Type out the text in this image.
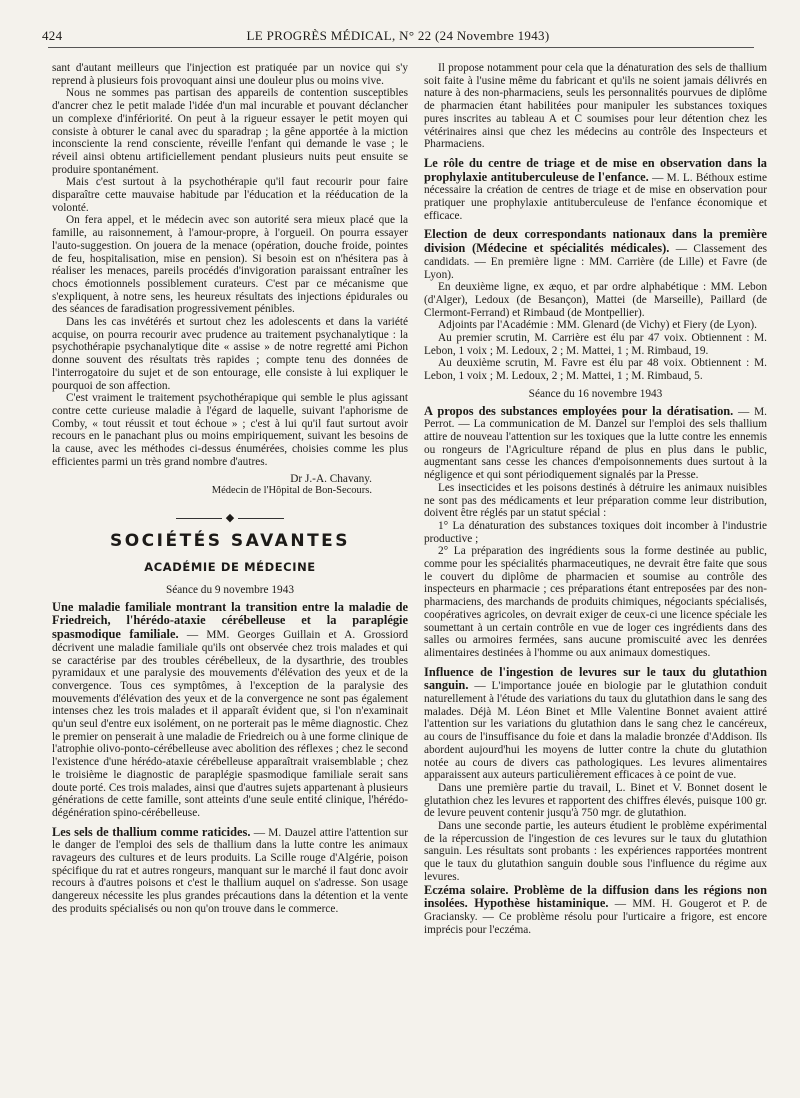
424	LE PROGRÈS MÉDICAL, N° 22 (24 Novembre 1943)

sant d'autant meilleurs que l'injection est pratiquée par un novice qui s'y reprend à plusieurs fois provoquant ainsi une douleur plus ou moins vive.

Nous ne sommes pas partisan des appareils de contention susceptibles d'ancrer chez le petit malade l'idée d'un mal incurable et pouvant déclancher un complexe d'infériorité. On peut à la rigueur essayer le petit moyen qui consiste à obturer le canal avec du sparadrap ; la gêne apportée à la miction inconsciente la rend consciente, réveille l'enfant qui demande le vase ; le réveil ainsi obtenu artificiellement pendant plusieurs nuits peut ensuite se produire spontanément.

Mais c'est surtout à la psychothérapie qu'il faut recourir pour faire disparaître cette mauvaise habitude par l'éducation et la rééducation de la volonté.

On fera appel, et le médecin avec son autorité sera mieux placé que la famille, au raisonnement, à l'amour-propre, à l'orgueil. On pourra essayer l'auto-suggestion. On jouera de la menace (opération, douche froide, pointes de feu, hospitalisation, mise en pension). Si besoin est on n'hésitera pas à réaliser les menaces, pareils procédés d'invigoration paraissant entraîner les chocs émotionnels possiblement curateurs. C'est par ce mécanisme que s'expliquent, à notre sens, les heureux résultats des injections épidurales ou des séances de faradisation progressivement pénibles.

Dans les cas invétérés et surtout chez les adolescents et dans la variété acquise, on pourra recourir avec prudence au traitement psychanalytique : la psychothérapie psychanalytique dite « assise » de notre regretté ami Pichon donne souvent des résultats très rapides ; compte tenu des données de l'interrogatoire du sujet et de son entourage, elle consiste à lui expliquer le pourquoi de son affection.

C'est vraiment le traitement psychothérapique qui semble le plus agissant contre cette curieuse maladie à l'égard de laquelle, suivant l'aphorisme de Comby, « tout réussit et tout échoue » ; c'est à lui qu'il faut surtout avoir recours en le panachant plus ou moins empiriquement, suivant les besoins de la cause, avec les méthodes ci-dessus énumérées, choisies comme les plus efficientes parmi un très grand nombre d'autres.

Dr J.-A. Chavany.

Médecin de l'Hôpital de Bon-Secours.

◆
SOCIÉTÉS SAVANTES
ACADÉMIE DE MÉDECINE
Séance du 9 novembre 1943

Une maladie familiale montrant la transition entre la maladie de Friedreich, l'hérédo-ataxie cérébelleuse et la paraplégie spasmodique familiale. — MM. Georges Guillain et A. Grossiord décrivent une maladie familiale qu'ils ont observée chez trois malades et qui se caractérise par des troubles cérébelleux, de la dysarthrie, des troubles pyramidaux et une paralysie des mouvements d'élévation des yeux et de la convergence. Tous ces symptômes, à l'exception de la paralysie des mouvements d'élévation des yeux et de la convergence ne sont pas également intenses chez les trois malades et il apparaît évident que, si l'on n'examinait qu'un seul d'entre eux isolément, on ne porterait pas le même diagnostic. Chez le premier on penserait à une maladie de Friedreich ou à une forme clinique de l'atrophie olivo-ponto-cérébelleuse avec abolition des réflexes ; chez le second l'existence d'une hérédo-ataxie cérébelleuse apparaîtrait vraisemblable ; chez le troisième le diagnostic de paraplégie spasmodique familiale serait sans doute porté. Ces trois malades, ainsi que d'autres sujets appartenant à plusieurs générations de cette famille, sont atteints d'une seule entité clinique, l'hérédo-dégénération spino-cérébelleuse.

Les sels de thallium comme raticides. — M. Dauzel attire l'attention sur le danger de l'emploi des sels de thallium dans la lutte contre les animaux ravageurs des cultures et de leurs produits. La Scille rouge d'Algérie, poison spécifique du rat et autres rongeurs, manquant sur le marché il faut donc avoir recours à d'autres poisons et c'est le thallium auquel on s'adresse. Son usage dangereux nécessite les plus grandes précautions dans la détention et la vente des produits spécialisés ou non qu'on trouve dans le commerce.

Il propose notamment pour cela que la dénaturation des sels de thallium soit faite à l'usine même du fabricant et qu'ils ne soient jamais délivrés en nature à des non-pharmaciens, seuls les personnalités pourvues de diplôme de pharmacien étant habilitées pour manipuler les substances toxiques pures inscrites au tableau A et C soumises pour leur détention chez les vétérinaires ainsi que chez les médecins au contrôle des Inspecteurs et Pharmaciens.

Le rôle du centre de triage et de mise en observation dans la prophylaxie antituberculeuse de l'enfance. — M. L. Béthoux estime nécessaire la création de centres de triage et de mise en observation pour pratiquer une prophylaxie antituberculeuse de l'enfance économique et efficace.

Election de deux correspondants nationaux dans la première division (Médecine et spécialités médicales). — Classement des candidats. — En première ligne : MM. Carrière (de Lille) et Favre (de Lyon).

En deuxième ligne, ex æquo, et par ordre alphabétique : MM. Lebon (d'Alger), Ledoux (de Besançon), Mattei (de Marseille), Paillard (de Clermont-Ferrand) et Rimbaud (de Montpellier).

Adjoints par l'Académie : MM. Glenard (de Vichy) et Fiery (de Lyon).

Au premier scrutin, M. Carrière est élu par 47 voix. Obtiennent : M. Lebon, 1 voix ; M. Ledoux, 2 ; M. Mattei, 1 ; M. Rimbaud, 19.

Au deuxième scrutin, M. Favre est élu par 48 voix. Obtiennent : M. Lebon, 1 voix ; M. Ledoux, 2 ; M. Mattei, 1 ; M. Rimbaud, 5.

Séance du 16 novembre 1943

A propos des substances employées pour la dératisation. — M. Perrot. — La communication de M. Danzel sur l'emploi des sels thallium attire de nouveau l'attention sur les toxiques que la lutte contre les ennemis ou rongeurs de l'Agriculture répand de plus en plus dans le public, augmentant sans cesse les chances d'empoisonnements dues surtout à la négligence et qui sont périodiquement signalés par la Presse.

Les insecticides et les poisons destinés à détruire les animaux nuisibles ne sont pas des médicaments et leur préparation comme leur distribution, doivent être réglés par un statut spécial :

1° La dénaturation des substances toxiques doit incomber à l'industrie productive ;

2° La préparation des ingrédients sous la forme destinée au public, comme pour les spécialités pharmaceutiques, ne devrait être faite que sous le couvert du diplôme de pharmacien et soumise au contrôle des inspecteurs en pharmacie ; ces préparations étant entreposées par des non-pharmaciens, des marchands de produits chimiques, négociants spécialisés, coopératives agricoles, on devrait exiger de ceux-ci une licence spéciale les soumettant à un certain contrôle en vue de loger ces ingrédients dans des salles ou armoires fermées, sans aucune promiscuité avec les denrées alimentaires destinées à l'homme ou aux animaux domestiques.

Influence de l'ingestion de levures sur le taux du glutathion sanguin. — L'importance jouée en biologie par le glutathion conduit naturellement à l'étude des variations du taux du glutathion dans le sang des malades. Déjà M. Léon Binet et Mlle Valentine Bonnet avaient attiré l'attention sur les variations du glutathion dans le sang chez le cancéreux, au cours de l'insuffisance du foie et dans la maladie bronzée d'Addison. Ils abordent aujourd'hui les moyens de lutter contre la chute du glutathion notée au cours de divers cas pathologiques. Les levures alimentaires apparaissent aux auteurs particulièrement efficaces à ce point de vue.

Dans une première partie du travail, L. Binet et V. Bonnet dosent le glutathion chez les levures et rapportent des chiffres élevés, puisque 100 gr. de levure peuvent contenir jusqu'à 750 mgr. de glutathion.

Dans une seconde partie, les auteurs étudient le problème expérimental de la répercussion de l'ingestion de ces levures sur le taux du glutathion sanguin. Les résultats sont probants : les expériences rapportées montrent que le taux du glutathion sanguin double sous l'influence du régime aux levures.

Eczéma solaire. Problème de la diffusion dans les régions non insolées. Hypothèse histaminique. — MM. H. Gougerot et P. de Graciansky. — Ce problème résolu pour l'urticaire a frigore, est encore imprécis pour l'eczéma.
